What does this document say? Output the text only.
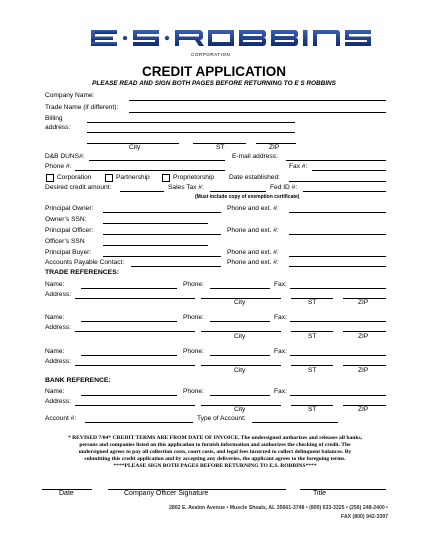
CORPORATION
CREDIT APPLICATION
PLEASE READ AND SIGN BOTH PAGES BEFORE RETURNING TO E S ROBBINS
Company Name:
Trade Name (if different):
Billing
address:
City	ST	ZIP
D&B DUNS#:	E-mail address:
Phone #:	Fax #:
Corporation	Partnership	Proprietorship Date established:
Desired credit amount:	Sales Tax #:	Fed ID #:
(Must include copy of exemption certificate)
Principal Owner:	Phone and ext. #:
Owner’s SSN:
Principal Officer:	Phone and ext. #:
Officer’s SSN
Principal Buyer:	Phone and ext. #:
Accounts Payable Contact:	Phone and ext. #:
TRADE REFERENCES:
Name:	Phone:	Fax:
Address:
City	ST	ZIP
Name:	Phone:	Fax:
Address:
City	ST	ZIP
Name:	Phone:	Fax:
Address:
City	ST	ZIP
BANK REFERENCE:
Name:	Phone:	Fax:
Address:
City	ST	ZIP
Account #:	Type of Account:
* REVISED 7/04* CREDIT TERMS ARE FROM DATE OF INVOICE. The undersigned authorizes and releases all banks,
persons and companies listed on this application to furnish information and authorizes the checking of credit. The
undersigned agrees to pay all collection costs, court costs, and legal fees incurred to collect delinquent balances. By
submitting this credit application and by accepting any deliveries, the applicant agrees to the foregoing terms.
****PLEASE SIGN BOTH PAGES BEFORE RETURNING TO E.S. ROBBINS****
Date	Company Officer Signature	Title
2802 E. Avalon Avenue • Muscle Shoals, AL 35661-3748 • (800) 633-3325 • (256) 248-2400 •
FAX (800) 942-3397
